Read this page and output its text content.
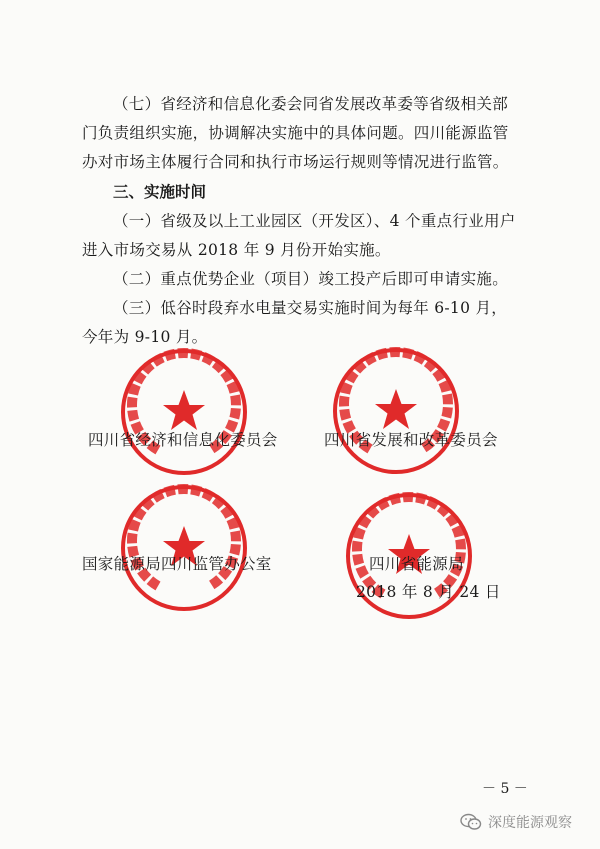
（七）省经济和信息化委会同省发展改革委等省级相关部门负责组织实施，协调解决实施中的具体问题。四川能源监管办对市场主体履行合同和执行市场运行规则等情况进行监管。

三、实施时间

（一）省级及以上工业园区（开发区）、4 个重点行业用户进入市场交易从 2018 年 9 月份开始实施。

（二）重点优势企业（项目）竣工投产后即可申请实施。

（三）低谷时段弃水电量交易实施时间为每年 6-10 月，今年为 9-10 月。

四川省经济和信息化委员会	四川省发展和改革委员会
国家能源局四川监管办公室	四川省能源局
2018 年 8 月 24 日
－ 5 －
深度能源观察
